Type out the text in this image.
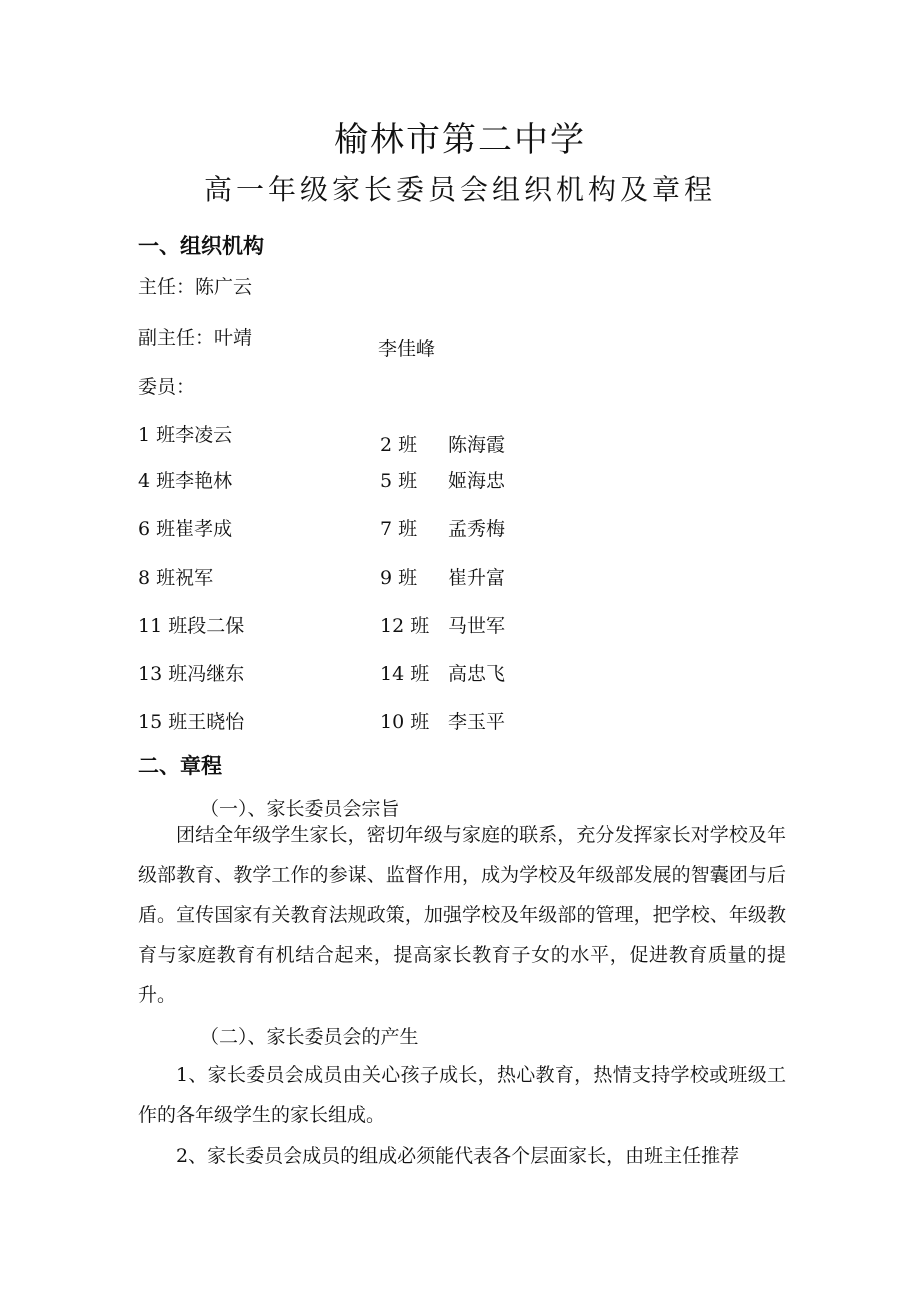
榆林市第二中学
高一年级家长委员会组织机构及章程
一、组织机构
主任：陈广云
副主任：叶靖	李佳峰
委员：
1 班李凌云
4 班李艳林
6 班崔孝成
8 班祝军
11 班段二保
13 班冯继东
15 班王晓怡
2 班 陈海霞
5 班 姬海忠
7 班 孟秀梅
9 班 崔升富
12 班 马世军
14 班 高忠飞
10 班 李玉平
二、章程
（一）、家长委员会宗旨

团结全年级学生家长，密切年级与家庭的联系，充分发挥家长对学校及年级部教育、教学工作的参谋、监督作用，成为学校及年级部发展的智囊团与后盾。宣传国家有关教育法规政策，加强学校及年级部的管理，把学校、年级教育与家庭教育有机结合起来，提高家长教育子女的水平，促进教育质量的提升。

（二）、家长委员会的产生

1、家长委员会成员由关心孩子成长，热心教育，热情支持学校或班级工作的各年级学生的家长组成。

2、家长委员会成员的组成必须能代表各个层面家长，由班主任推荐
